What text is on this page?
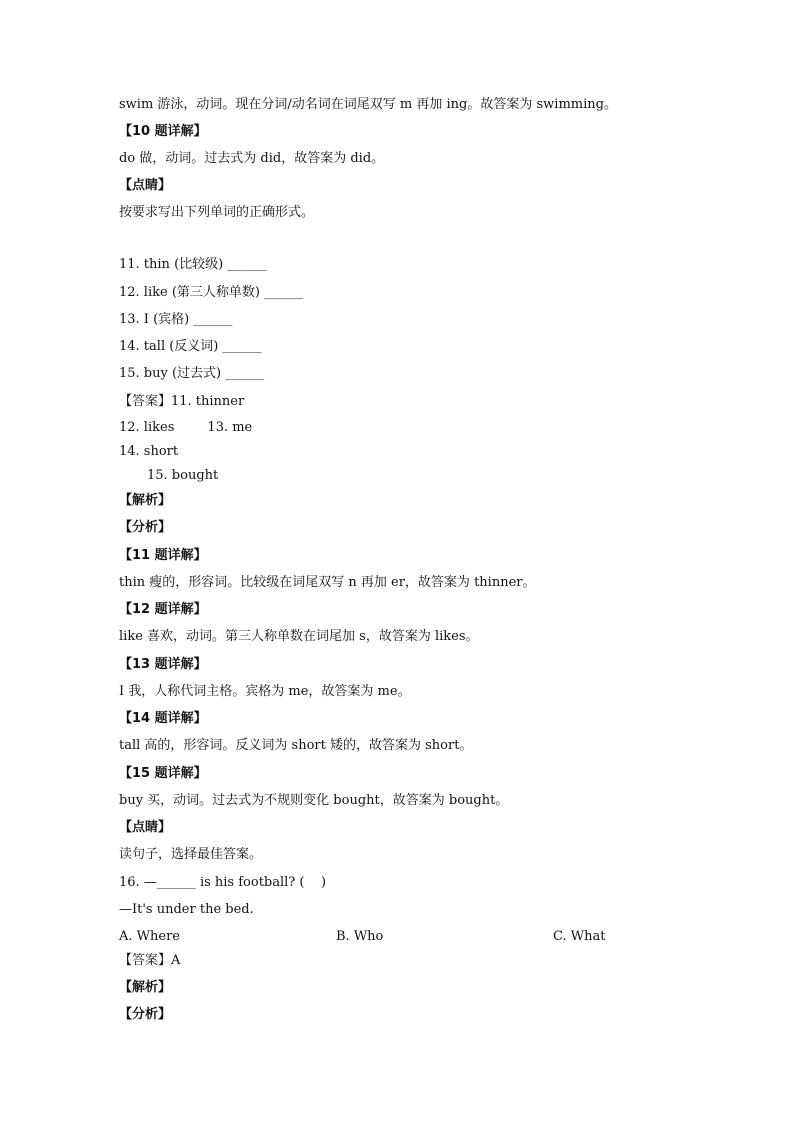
swim 游泳，动词。现在分词/动名词在词尾双写 m 再加 ing。故答案为 swimming。
【10 题详解】
do 做，动词。过去式为 did，故答案为 did。
【点睛】
按要求写出下列单词的正确形式。
11. thin (比较级) ______
12. like (第三人称单数) ______
13. I (宾格) ______
14. tall (反义词) ______
15. buy (过去式) ______
【答案】11. thinner
12. likes        13. me
14. short
15. bought
【解析】
【分析】
【11 题详解】
thin 瘦的，形容词。比较级在词尾双写 n 再加 er，故答案为 thinner。
【12 题详解】
like 喜欢，动词。第三人称单数在词尾加 s，故答案为 likes。
【13 题详解】
I 我，人称代词主格。宾格为 me，故答案为 me。
【14 题详解】
tall 高的，形容词。反义词为 short 矮的，故答案为 short。
【15 题详解】
buy 买，动词。过去式为不规则变化 bought，故答案为 bought。
【点睛】
读句子，选择最佳答案。
16. —______ is his football? (    )
—It's under the bed.
A. Where	B. Who	C. What
【答案】A
【解析】
【分析】
